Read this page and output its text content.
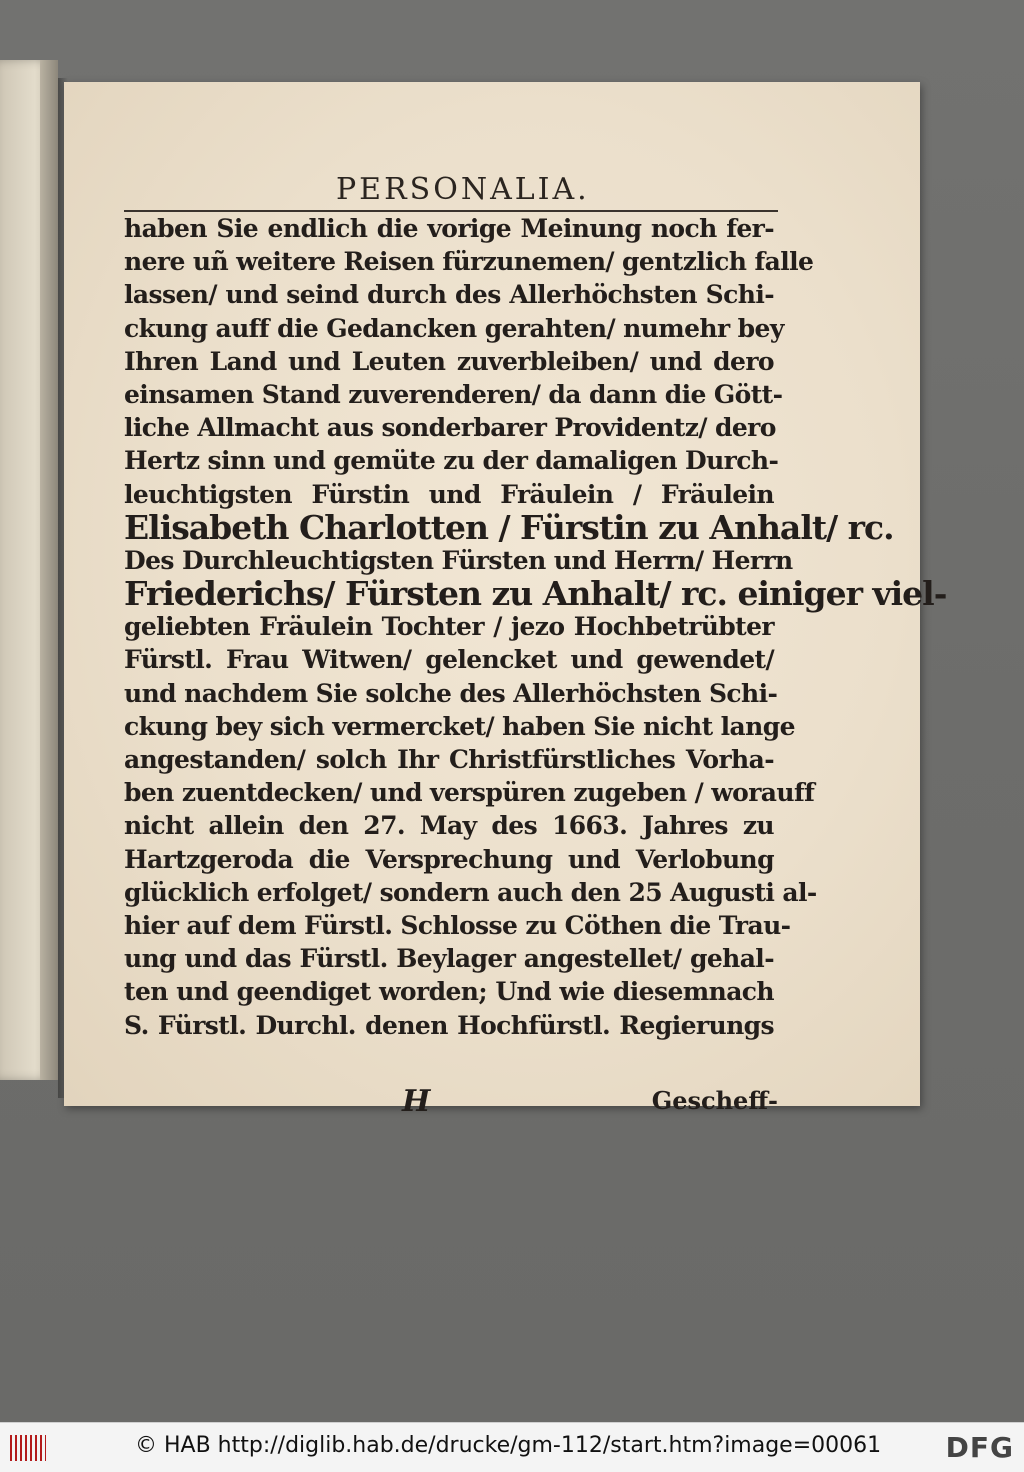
PERSONALIA.
haben Sie endlich die vorige Meinung noch fer-
nere uñ weitere Reisen fürzunemen/ gentzlich falle
lassen/ und seind durch des Allerhöchsten Schi-
ckung auff die Gedancken gerahten/ numehr bey
Ihren Land und Leuten zuverbleiben/ und dero
einsamen Stand zuverenderen/ da dann die Gött-
liche Allmacht aus sonderbarer Providentz/ dero
Hertz sinn und gemüte zu der damaligen Durch-
leuchtigsten Fürstin und Fräulein / Fräulein
Elisabeth Charlotten / Fürstin zu Anhalt/ rc.
Des Durchleuchtigsten Fürsten und Herrn/ Herrn
Friederichs/ Fürsten zu Anhalt/ rc. einiger viel-
geliebten Fräulein Tochter / jezo Hochbetrübter
Fürstl. Frau Witwen/ gelencket und gewendet/
und nachdem Sie solche des Allerhöchsten Schi-
ckung bey sich vermercket/ haben Sie nicht lange
angestanden/ solch Ihr Christfürstliches Vorha-
ben zuentdecken/ und verspüren zugeben / worauff
nicht allein den 27. May des 1663. Jahres zu
Hartzgeroda die Versprechung und Verlobung
glücklich erfolget/ sondern auch den 25 Augusti al-
hier auf dem Fürstl. Schlosse zu Cöthen die Trau-
ung und das Fürstl. Beylager angestellet/ gehal-
ten und geendiget worden; Und wie diesemnach
S. Fürstl. Durchl. denen Hochfürstl. Regierungs
H	Gescheff-
© HAB http://diglib.hab.de/drucke/gm-112/start.htm?image=00061 DFG
